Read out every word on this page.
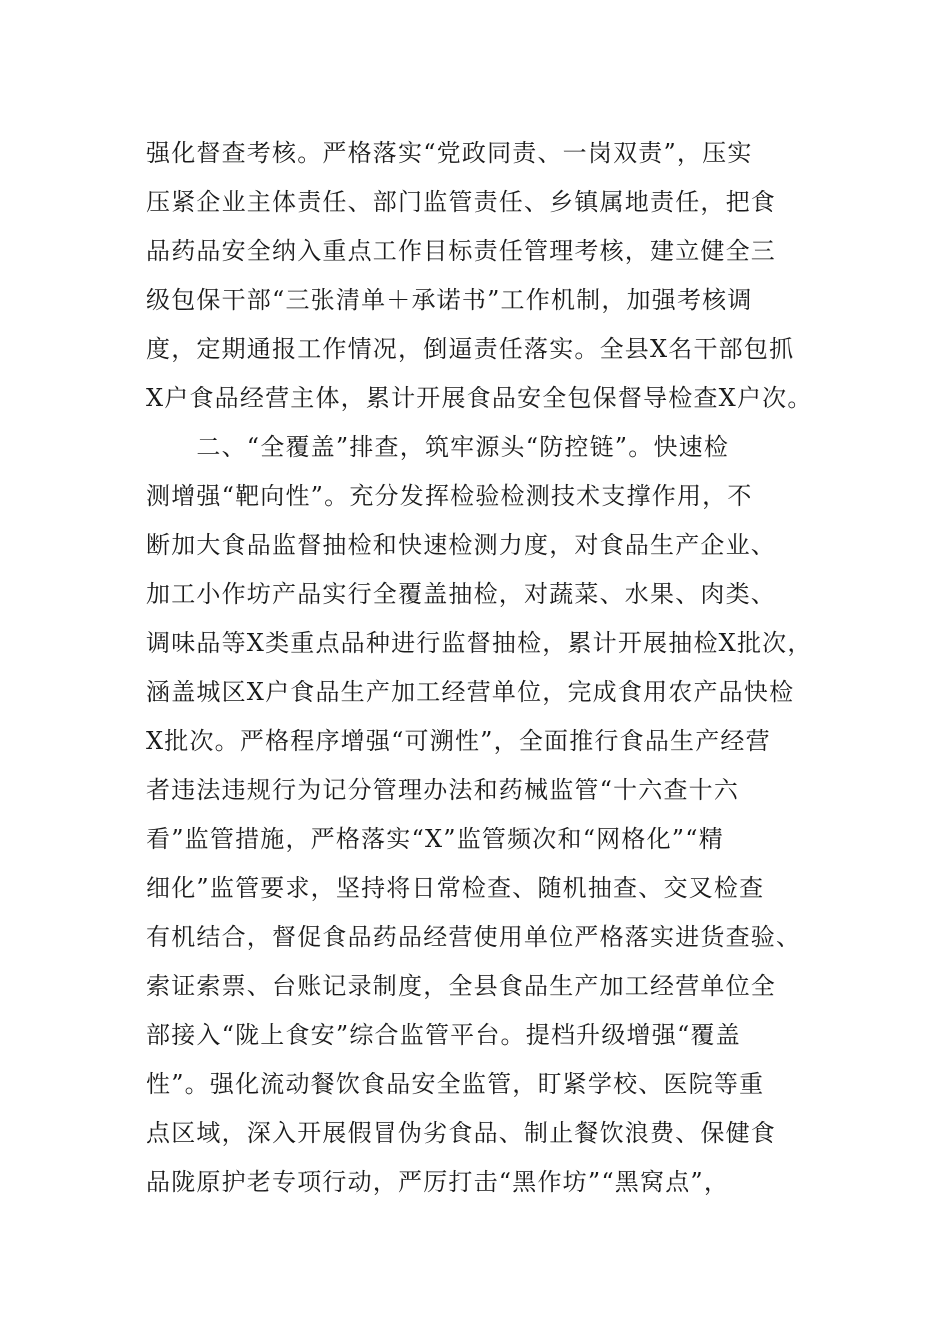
强化督查考核。严格落实“党政同责、一岗双责”，压实
压紧企业主体责任、部门监管责任、乡镇属地责任，把食
品药品安全纳入重点工作目标责任管理考核，建立健全三
级包保干部“三张清单＋承诺书”工作机制，加强考核调
度，定期通报工作情况，倒逼责任落实。全县X名干部包抓
X户食品经营主体，累计开展食品安全包保督导检查X户次。
　　二、“全覆盖”排查，筑牢源头“防控链”。快速检
测增强“靶向性”。充分发挥检验检测技术支撑作用，不
断加大食品监督抽检和快速检测力度，对食品生产企业、
加工小作坊产品实行全覆盖抽检，对蔬菜、水果、肉类、
调味品等X类重点品种进行监督抽检，累计开展抽检X批次，
涵盖城区X户食品生产加工经营单位，完成食用农产品快检
X批次。严格程序增强“可溯性”，全面推行食品生产经营
者违法违规行为记分管理办法和药械监管“十六查十六
看”监管措施，严格落实“X”监管频次和“网格化”“精
细化”监管要求，坚持将日常检查、随机抽查、交叉检查
有机结合，督促食品药品经营使用单位严格落实进货查验、
索证索票、台账记录制度，全县食品生产加工经营单位全
部接入“陇上食安”综合监管平台。提档升级增强“覆盖
性”。强化流动餐饮食品安全监管，盯紧学校、医院等重
点区域，深入开展假冒伪劣食品、制止餐饮浪费、保健食
品陇原护老专项行动，严厉打击“黑作坊”“黑窝点”，
